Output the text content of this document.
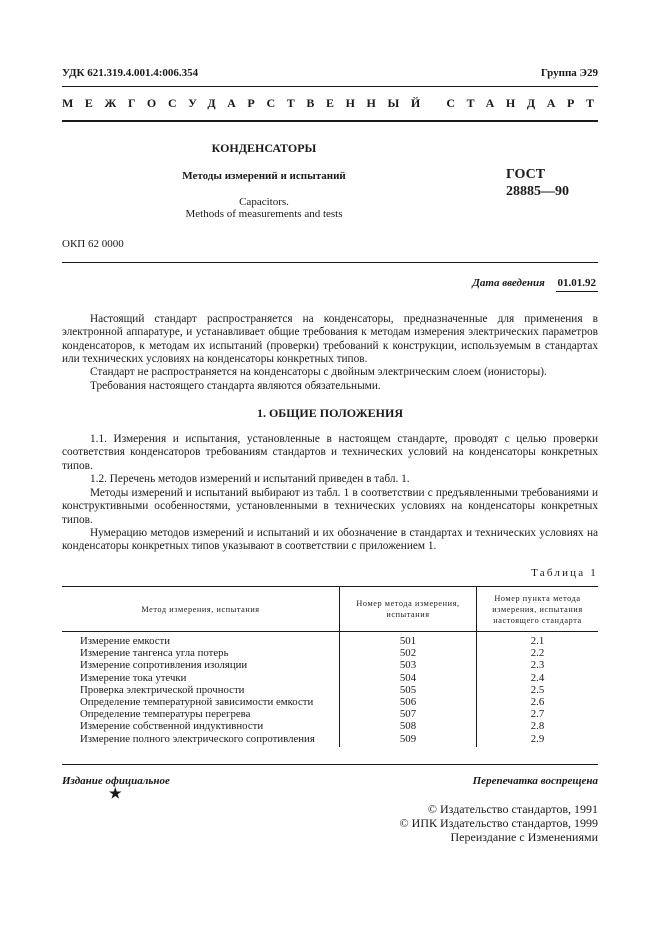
УДК 621.319.4.001.4:006.354	Группа Э29
МЕЖГОСУДАРСТВЕННЫЙ СТАНДАРТ
КОНДЕНСАТОРЫ
Методы измерений и испытаний
Capacitors.
Methods of measurements and tests
ГОСТ
28885—90
ОКП 62 0000
Дата введения 01.01.92
Настоящий стандарт распространяется на конденсаторы, предназначенные для применения в электронной аппаратуре, и устанавливает общие требования к методам измерения электрических параметров конденсаторов, к методам их испытаний (проверки) требований к конструкции, используемым в стандартах или технических условиях на конденсаторы конкретных типов.
Стандарт не распространяется на конденсаторы с двойным электрическим слоем (ионисторы).
Требования настоящего стандарта являются обязательными.
1. ОБЩИЕ ПОЛОЖЕНИЯ
1.1. Измерения и испытания, установленные в настоящем стандарте, проводят с целью проверки соответствия конденсаторов требованиям стандартов и технических условий на конденсаторы конкретных типов.
1.2. Перечень методов измерений и испытаний приведен в табл. 1.
Методы измерений и испытаний выбирают из табл. 1 в соответствии с предъявленными требованиями и конструктивными особенностями, установленными в технических условиях на конденсаторы конкретных типов.
Нумерацию методов измерений и испытаний и их обозначение в стандартах и технических условиях на конденсаторы конкретных типов указывают в соответствии с приложением 1.
Таблица 1
Метод измерения, испытания	Номер метода измерения, испытания	Номер пункта метода измерения, испытания настоящего стандарта
Измерение емкости	501	2.1
Измерение тангенса угла потерь	502	2.2
Измерение сопротивления изоляции	503	2.3
Измерение тока утечки	504	2.4
Проверка электрической прочности	505	2.5
Определение температурной зависимости емкости	506	2.6
Определение температуры перегрева	507	2.7
Измерение собственной индуктивности	508	2.8
Измерение полного электрического сопротивления	509	2.9
Издание официальное
★
Перепечатка воспрещена
© Издательство стандартов, 1991
© ИПК Издательство стандартов, 1999
Переиздание с Изменениями
